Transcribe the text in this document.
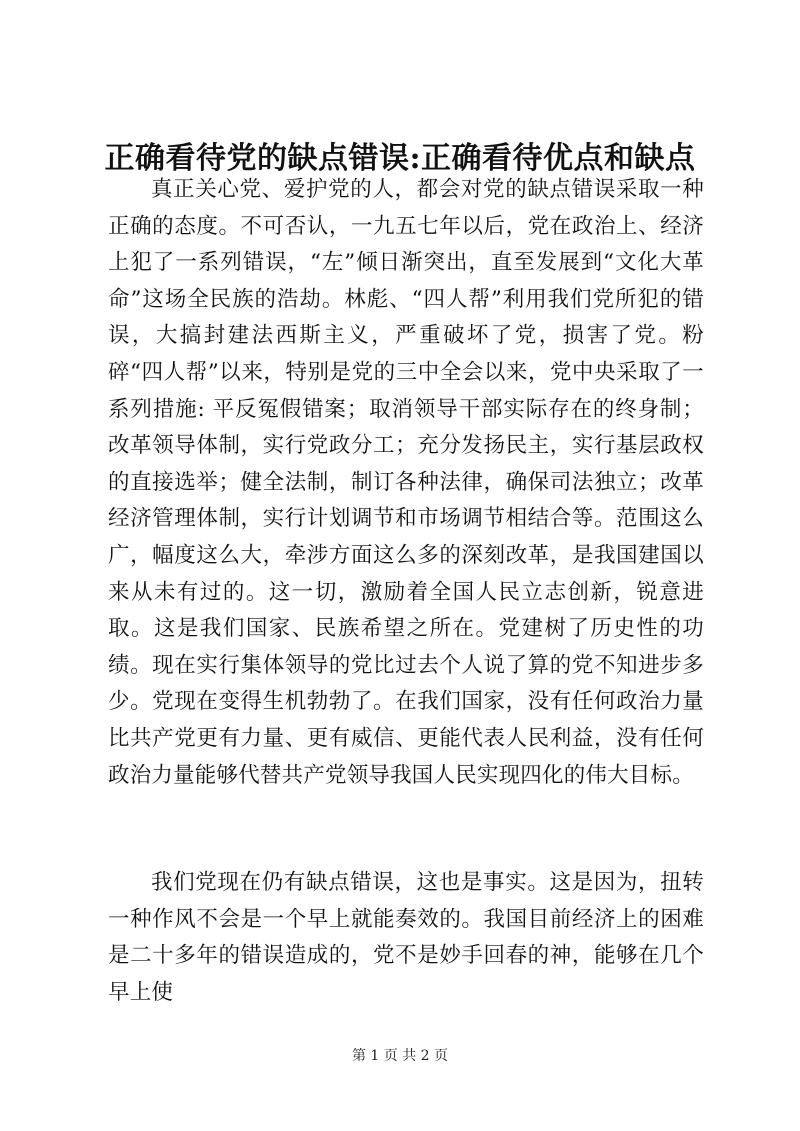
正确看待党的缺点错误:正确看待优点和缺点

真正关心党、爱护党的人，都会对党的缺点错误采取一种正确的态度。不可否认，一九五七年以后，党在政治上、经济上犯了一系列错误，“左”倾日渐突出，直至发展到“文化大革命”这场全民族的浩劫。林彪、“四人帮”利用我们党所犯的错误，大搞封建法西斯主义，严重破坏了党，损害了党。粉碎“四人帮”以来，特别是党的三中全会以来，党中央采取了一系列措施: 平反冤假错案；取消领导干部实际存在的终身制；改革领导体制，实行党政分工；充分发扬民主，实行基层政权的直接选举；健全法制，制订各种法律，确保司法独立；改革经济管理体制，实行计划调节和市场调节相结合等。范围这么广，幅度这么大，牵涉方面这么多的深刻改革，是我国建国以来从未有过的。这一切，激励着全国人民立志创新，锐意进取。这是我们国家、民族希望之所在。党建树了历史性的功绩。现在实行集体领导的党比过去个人说了算的党不知进步多少。党现在变得生机勃勃了。在我们国家，没有任何政治力量比共产党更有力量、更有威信、更能代表人民利益，没有任何政治力量能够代替共产党领导我国人民实现四化的伟大目标。

我们党现在仍有缺点错误，这也是事实。这是因为，扭转一种作风不会是一个早上就能奏效的。我国目前经济上的困难是二十多年的错误造成的，党不是妙手回春的神，能够在几个早上使

第 1 页 共 2 页
